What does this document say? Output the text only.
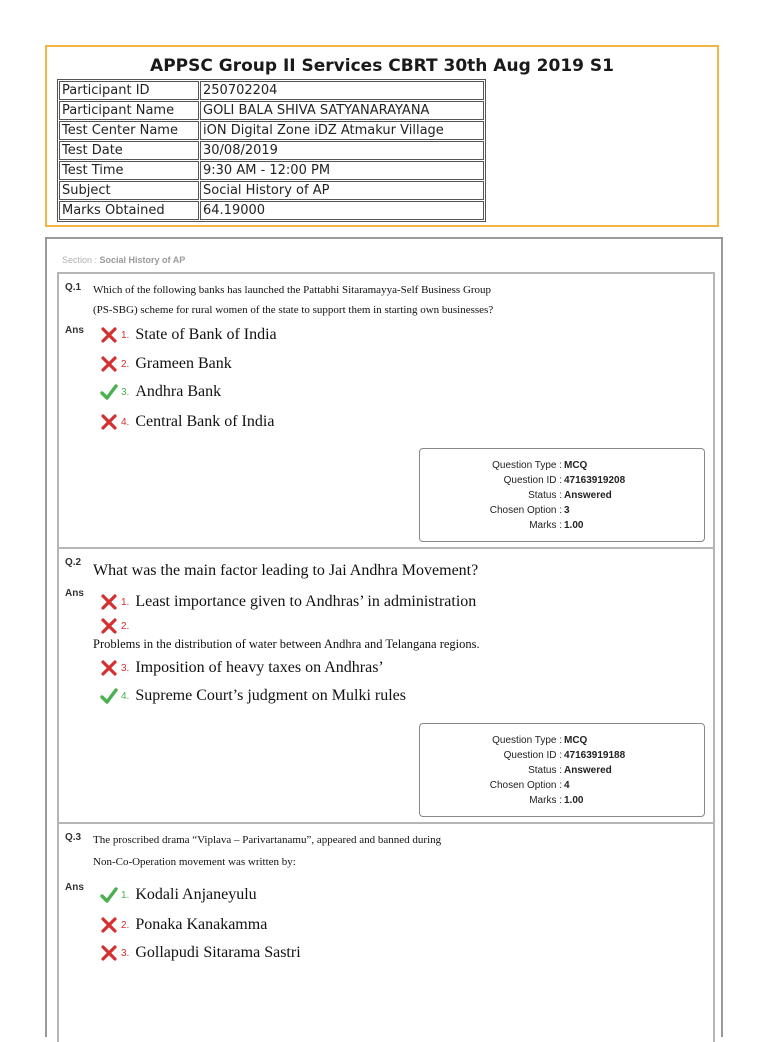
APPSC Group II Services CBRT 30th Aug 2019 S1
Participant ID	250702204
Participant Name	GOLI BALA SHIVA SATYANARAYANA
Test Center Name	iON Digital Zone iDZ Atmakur Village
Test Date	30/08/2019
Test Time	9:30 AM - 12:00 PM
Subject	Social History of AP
Marks Obtained	64.19000
Section : Social History of AP
Q.1 Which of the following banks has launched the Pattabhi Sitaramayya-Self Business Group
(PS-SBG) scheme for rural women of the state to support them in starting own businesses?
Ans	1. State of Bank of India
2. Grameen Bank
3. Andhra Bank
4. Central Bank of India
Question Type : MCQ
Question ID : 47163919208
Status : Answered
Chosen Option : 3
Marks : 1.00
Q.2 What was the main factor leading to Jai Andhra Movement?
Ans
1. Least importance given to Andhras’ in administration
2.
Problems in the distribution of water between Andhra and Telangana regions.
3. Imposition of heavy taxes on Andhras’
4. Supreme Court’s judgment on Mulki rules
Question Type : MCQ
Question ID : 47163919188
Status : Answered
Chosen Option : 4
Marks : 1.00
Q.3 The proscribed drama “Viplava – Parivartanamu”, appeared and banned during
Non-Co-Operation movement was written by:
Ans
1. Kodali Anjaneyulu
2. Ponaka Kanakamma
3. Gollapudi Sitarama Sastri
